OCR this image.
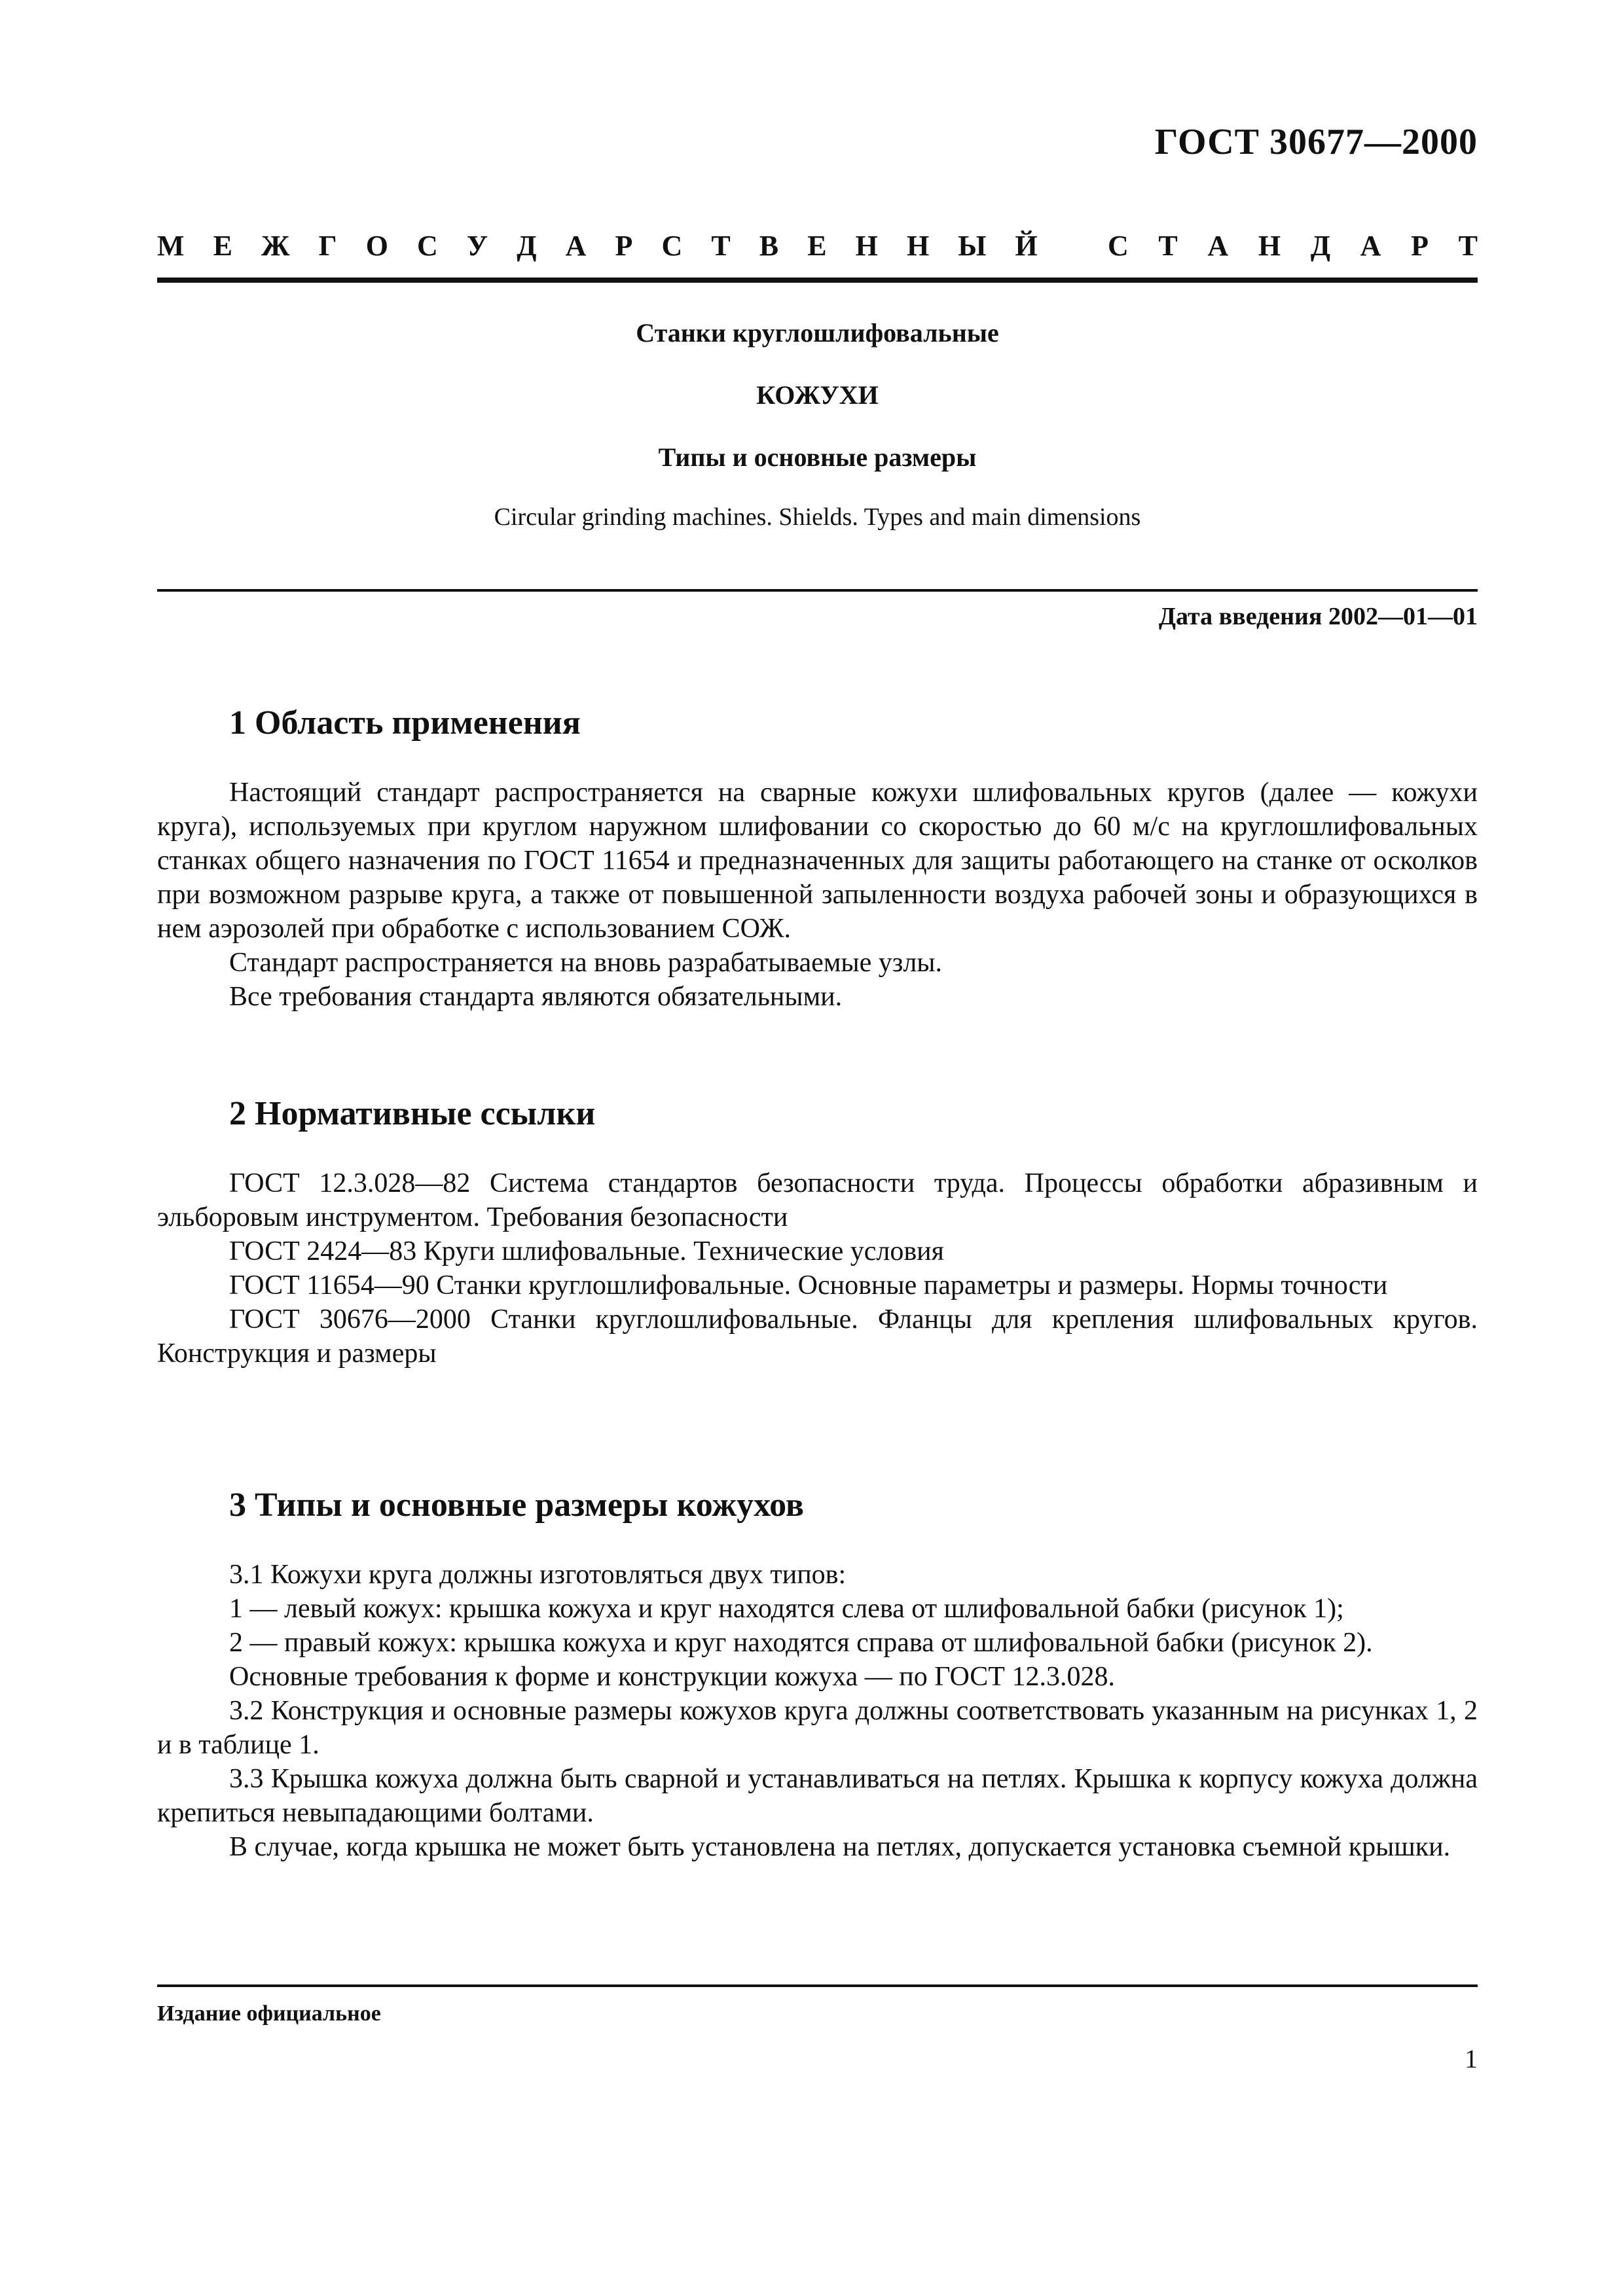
ГОСТ 30677—2000
М Е Ж Г О С У Д А Р С Т В Е Н Н Ы Й С Т А Н Д А Р Т
Станки круглошлифовальные
КОЖУХИ
Типы и основные размеры
Circular grinding machines. Shields. Types and main dimensions
Дата введения 2002—01—01
1 Область применения

Настоящий стандарт распространяется на сварные кожухи шлифовальных кругов (далее — кожухи круга), используемых при круглом наружном шлифовании со скоростью до 60 м/с на круглошлифовальных станках общего назначения по ГОСТ 11654 и предназначенных для защиты работающего на станке от осколков при возможном разрыве круга, а также от повышенной запыленности воздуха рабочей зоны и образующихся в нем аэрозолей при обработке с использованием СОЖ.

Стандарт распространяется на вновь разрабатываемые узлы.

Все требования стандарта являются обязательными.

2 Нормативные ссылки

ГОСТ 12.3.028—82 Система стандартов безопасности труда. Процессы обработки абразивным и эльборовым инструментом. Требования безопасности

ГОСТ 2424—83 Круги шлифовальные. Технические условия

ГОСТ 11654—90 Станки круглошлифовальные. Основные параметры и размеры. Нормы точности

ГОСТ 30676—2000 Станки круглошлифовальные. Фланцы для крепления шлифовальных кругов. Конструкция и размеры

3 Типы и основные размеры кожухов

3.1 Кожухи круга должны изготовляться двух типов:

1 — левый кожух: крышка кожуха и круг находятся слева от шлифовальной бабки (рисунок 1);

2 — правый кожух: крышка кожуха и круг находятся справа от шлифовальной бабки (рисунок 2).

Основные требования к форме и конструкции кожуха — по ГОСТ 12.3.028.

3.2 Конструкция и основные размеры кожухов круга должны соответствовать указанным на рисунках 1, 2 и в таблице 1.

3.3 Крышка кожуха должна быть сварной и устанавливаться на петлях. Крышка к корпусу кожуха должна крепиться невыпадающими болтами.

В случае, когда крышка не может быть установлена на петлях, допускается установка съемной крышки.

Издание официальное
1
